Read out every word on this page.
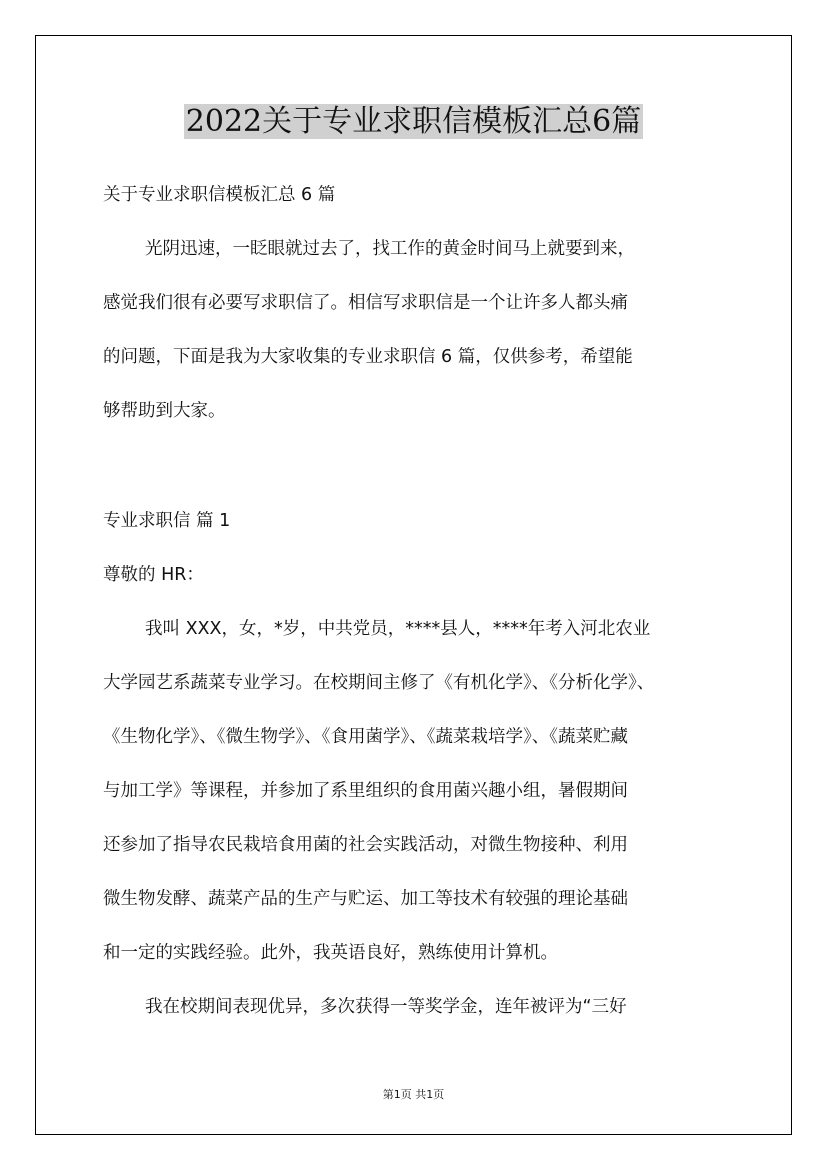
2022关于专业求职信模板汇总6篇
关于专业求职信模板汇总 6 篇
光阴迅速，一眨眼就过去了，找工作的黄金时间马上就要到来，
感觉我们很有必要写求职信了。相信写求职信是一个让许多人都头痛
的问题，下面是我为大家收集的专业求职信 6 篇，仅供参考，希望能
够帮助到大家。
专业求职信 篇 1
尊敬的 HR：
我叫 XXX，女，*岁，中共党员，****县人，****年考入河北农业
大学园艺系蔬菜专业学习。在校期间主修了《有机化学》、《分析化学》、
《生物化学》、《微生物学》、《食用菌学》、《蔬菜栽培学》、《蔬菜贮藏
与加工学》等课程，并参加了系里组织的食用菌兴趣小组，暑假期间
还参加了指导农民栽培食用菌的社会实践活动，对微生物接种、利用
微生物发酵、蔬菜产品的生产与贮运、加工等技术有较强的理论基础
和一定的实践经验。此外，我英语良好，熟练使用计算机。
我在校期间表现优异，多次获得一等奖学金，连年被评为“三好
第1页 共1页
